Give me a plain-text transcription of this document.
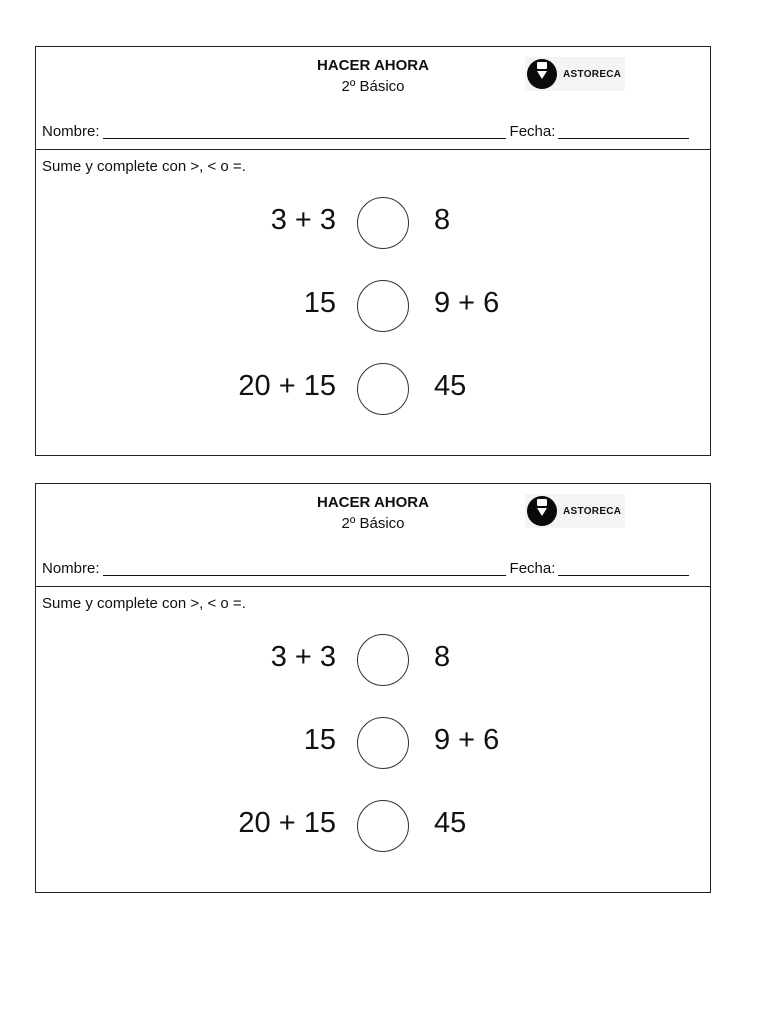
HACER AHORA
2º Básico
ASTORECA
Nombre:	Fecha:
Sume y complete con >, < o =.
3 + 3	8
15	9 + 6
20 + 15	45
HACER AHORA
2º Básico
ASTORECA
Nombre:	Fecha:
Sume y complete con >, < o =.
3 + 3	8
15	9 + 6
20 + 15	45
